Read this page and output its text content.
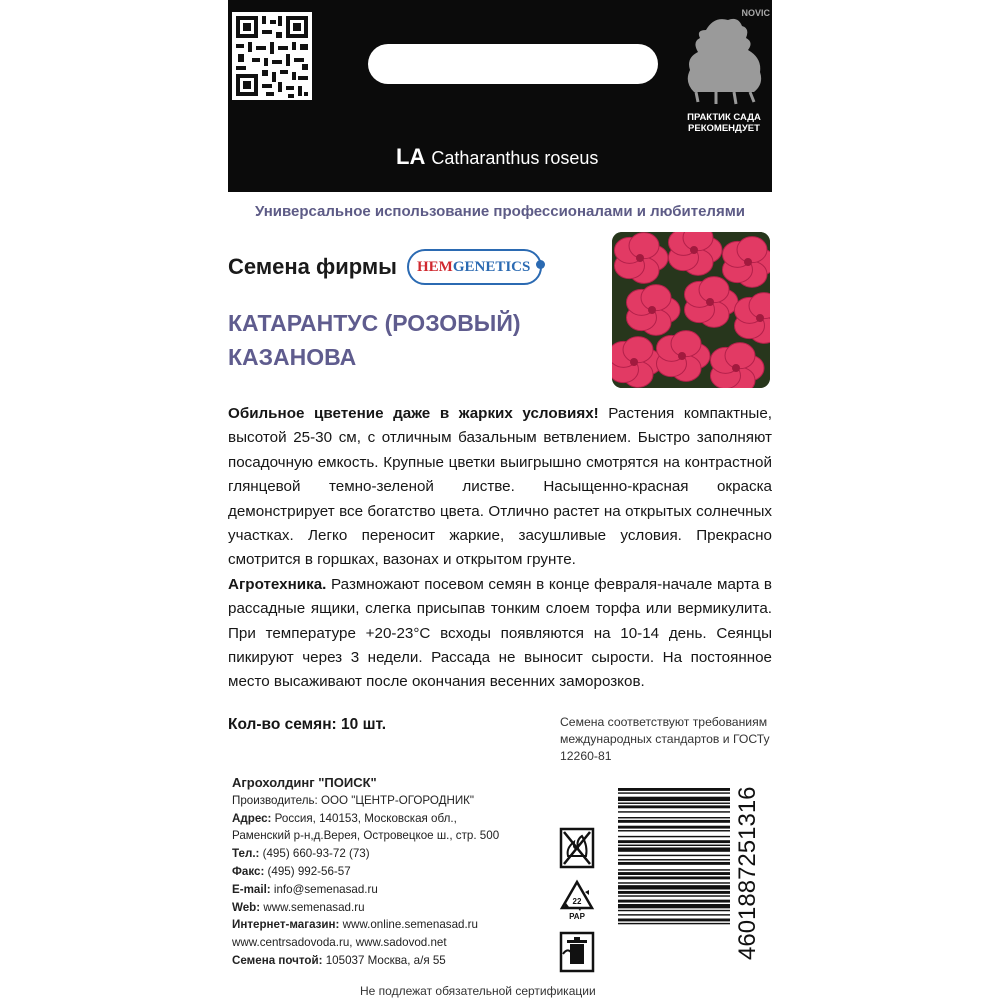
NOVIC
ПРАКТИК САДА РЕКОМЕНДУЕТ
LA Catharanthus roseus
Универсальное использование профессионалами и любителями
Семена фирмы	HEMGENETICS
КАТАРАНТУС (РОЗОВЫЙ)
КАЗАНОВА

Обильное цветение даже в жарких условиях! Растения компактные, высотой 25-30 см, с отличным базальным ветвлением. Быстро заполняют посадочную емкость. Крупные цветки выигрышно смотрятся на контрастной глянцевой темно-зеленой листве. Насыщенно-красная окраска демонстрирует все богатство цвета. Отлично растет на открытых солнечных участках. Легко переносит жаркие, засушливые условия. Прекрасно смотрится в горшках, вазонах и открытом грунте.

Агротехника. Размножают посевом семян в конце февраля-начале марта в рассадные ящики, слегка присыпав тонким слоем торфа или вермикулита. При температуре +20-23°С всходы появляются на 10-14 день. Сеянцы пикируют через 3 недели. Рассада не выносит сырости. На постоянное место высаживают после окончания весенних заморозков.

Кол-во семян: 10 шт.	Семена соответствуют требованиям международных стандартов и ГОСТу 12260-81
Агрохолдинг "ПОИСК"
Производитель: ООО "ЦЕНТР-ОГОРОДНИК"
Адрес: Россия, 140153, Московская обл.,
Раменский р-н,д.Верея, Островецкое ш., стр. 500
Тел.: (495) 660-93-72 (73)
Факс: (495) 992-56-57
E-mail: info@semenasad.ru
Web: www.semenasad.ru
Интернет-магазин: www.online.semenasad.ru
www.centrsadovoda.ru, www.sadovod.net
Семена почтой: 105037 Москва, а/я 55
22
PAP	4601887251316
Не подлежат обязательной сертификации
